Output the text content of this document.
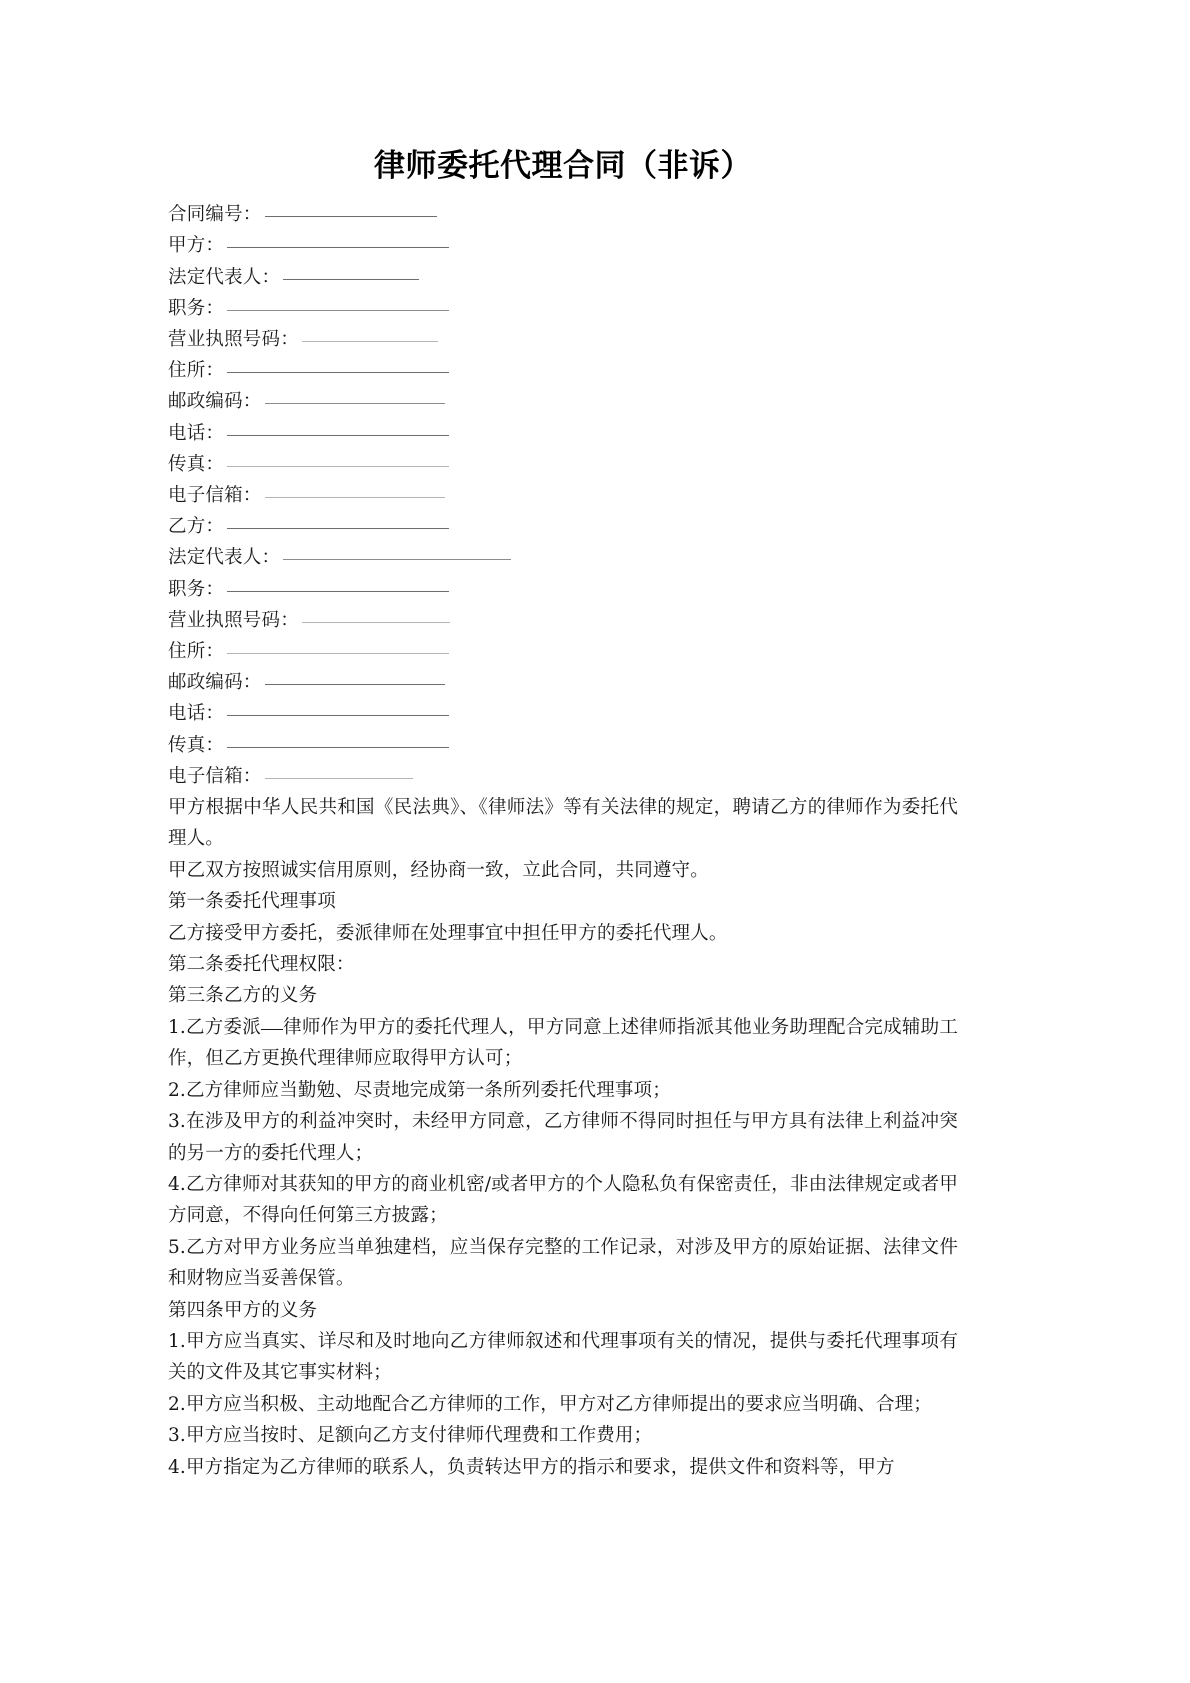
律师委托代理合同（非诉）
合同编号：
甲方：
法定代表人：
职务：
营业执照号码：
住所：
邮政编码：
电话：
传真：
电子信箱：
乙方：
法定代表人：
职务：
营业执照号码：
住所：
邮政编码：
电话：
传真：
电子信箱：

甲方根据中华人民共和国《民法典》、《律师法》等有关法律的规定，聘请乙方的律师作为委托代理人。

甲乙双方按照诚实信用原则，经协商一致，立此合同，共同遵守。

第一条委托代理事项

乙方接受甲方委托，委派律师在处理事宜中担任甲方的委托代理人。

第二条委托代理权限：

第三条乙方的义务

1.乙方委派 律师作为甲方的委托代理人，甲方同意上述律师指派其他业务助理配合完成辅助工作，但乙方更换代理律师应取得甲方认可；

2.乙方律师应当勤勉、尽责地完成第一条所列委托代理事项；

3.在涉及甲方的利益冲突时，未经甲方同意，乙方律师不得同时担任与甲方具有法律上利益冲突的另一方的委托代理人；

4.乙方律师对其获知的甲方的商业机密/或者甲方的个人隐私负有保密责任，非由法律规定或者甲方同意，不得向任何第三方披露；

5.乙方对甲方业务应当单独建档，应当保存完整的工作记录，对涉及甲方的原始证据、法律文件和财物应当妥善保管。

第四条甲方的义务

1.甲方应当真实、详尽和及时地向乙方律师叙述和代理事项有关的情况，提供与委托代理事项有关的文件及其它事实材料；

2.甲方应当积极、主动地配合乙方律师的工作，甲方对乙方律师提出的要求应当明确、合理；

3.甲方应当按时、足额向乙方支付律师代理费和工作费用；

4.甲方指定为乙方律师的联系人，负责转达甲方的指示和要求，提供文件和资料等，甲方
